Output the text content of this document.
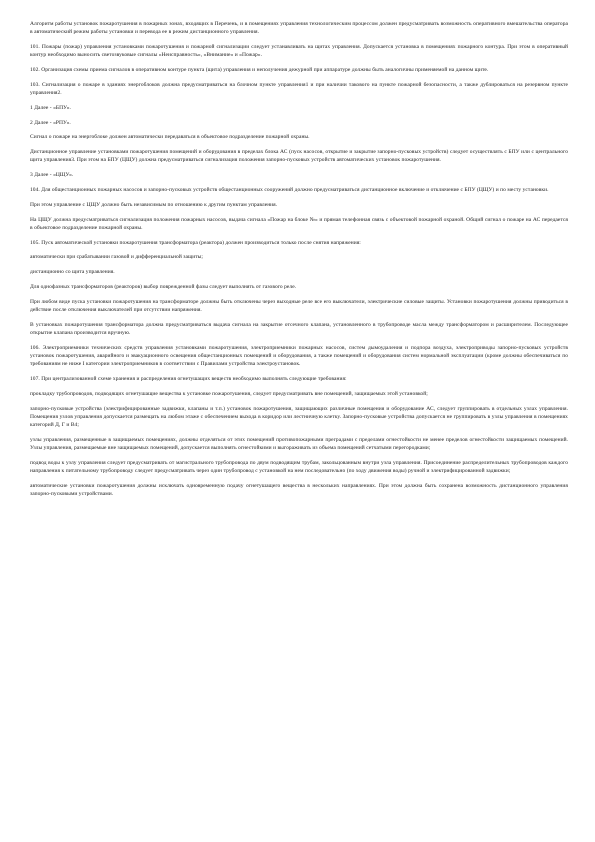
Алгоритм работы установок пожаротушения в пожарных зонах, входящих в Перечень, и в помещениях управления технологическим процессом должен предусматривать возможность оперативного вмешательства оператора в автоматический режим работы установки и перевода ее в режим дистанционного управления.

101. Пожары (пожар) управления установками пожаротушения и пожарной сигнализации следует устанавливать на щитах управления. Допускается установка в помещениях пожарного контура. При этом в оперативный контур необходимо выносить светозвуковые сигналы «Неисправность», «Внимание» и «Пожар».

102. Организация схемы приема сигналов в оперативном контуре пункта (щита) управления и неполучения дежурной при аппаратуре должны быть аналогичны применяемой на данном щите.

103. Сигнализация о пожаре в зданиях энергоблоков должна предусматриваться на блочном пункте управления1 и при наличии такового на пункте пожарной безопасности, а также дублироваться на резервном пункте управления2.

1 Далее - «БПУ».

2 Далее - «РПУ».

Сигнал о пожаре на энергоблоке должен автоматически передаваться в объектовое подразделение пожарной охраны.

Дистанционное управление установками пожаротушения помещений и оборудования в пределах блока АС (пуск насосов, открытие и закрытие запорно-пусковых устройств) следует осуществлять с БПУ или с центрального щита управления3. При этом на БПУ (ЦЩУ) должна предусматриваться сигнализация положения запорно-пусковых устройств автоматических установок пожаротушения.

3 Далее - «ЦЩУ».

104. Для общестанционных пожарных насосов и запорно-пусковых устройств общестанционных сооружений должно предусматриваться дистанционное включение и отключение с БПУ (ЦЩУ) и по месту установки.

При этом управление с ЦЩУ должно быть независимым по отношению к другим пунктам управления.

На ЦЩУ должна предусматриваться сигнализация положения пожарных насосов, выдача сигнала «Пожар на блоке №» и прямая телефонная связь с объектовой пожарной охраной. Общий сигнал о пожаре на АС передается в объектовое подразделение пожарной охраны.

105. Пуск автоматической установки пожаротушения трансформатора (реактора) должен производиться только после снятия напряжения:

автоматически при срабатывании газовой и дифференциальной защиты;

дистанционно со щита управления.

Для однофазных трансформаторов (реакторов) выбор поврежденной фазы следует выполнять от газового реле.

При любом виде пуска установки пожаротушения на трансформаторе должны быть отключены через выходные реле все его выключатели, электрические силовые защиты. Установки пожаротушения должны приводиться в действие после отключения выключателей при отсутствии напряжения.

В установках пожаротушения трансформатора должна предусматриваться выдача сигнала на закрытие отсечного клапана, установленного в трубопроводе масла между трансформатором и расширителем. Последующее открытие клапана производится вручную.

106. Электроприемники технических средств управления установками пожаротушения, электроприемники пожарных насосов, систем дымоудаления и подпора воздуха, электроприводы запорно-пусковых устройств установок пожаротушения, аварийного и эвакуационного освещения общестанционных помещений и оборудования, а также помещений и оборудования систем нормальной эксплуатации (кроме должны обеспечиваться по требованиям не ниже I категории электроприемников в соответствии с Правилами устройства электроустановок.

107. При централизованной схеме хранения и распределения огнетушащих веществ необходимо выполнять следующие требования:

прокладку трубопроводов, подводящих огнетушащие вещества к установке пожаротушения, следует предусматривать вне помещений, защищаемых этой установкой;

запорно-пусковые устройства (электрифицированные задвижки, клапаны и т.п.) установок пожаротушения, защищающих различные помещения и оборудование АС, следует группировать в отдельных узлах управления. Помещения узлов управления допускается размещать на любом этаже с обеспечением выхода в коридор или лестничную клетку. Запорно-пусковые устройства допускается не группировать в узлы управления в помещениях категорий Д, Г и В4;

узлы управления, размещенные в защищаемых помещениях, должны отделяться от этих помещений противопожарными преградами с пределами огнестойкости не менее пределов огнестойкости защищаемых помещений. Узлы управления, размещаемые вне защищаемых помещений, допускается выполнять огнестойкими и выгораживать из объема помещений сетчатыми перегородками;

подвод воды к узлу управления следует предусматривать от магистрального трубопровода по двум подводящим трубам, закольцованным внутри узла управления. Присоединение распределительных трубопроводов каждого направления к питательному трубопроводу следует предусматривать через один трубопровод с установкой на нем последовательно (по ходу движения воды) ручной и электрифицированной задвижки;

автоматические установки пожаротушения должны исключать одновременную подачу огнетушащего вещества в нескольких направлениях. При этом должна быть сохранена возможность дистанционного управления запорно-пусковыми устройствами.
